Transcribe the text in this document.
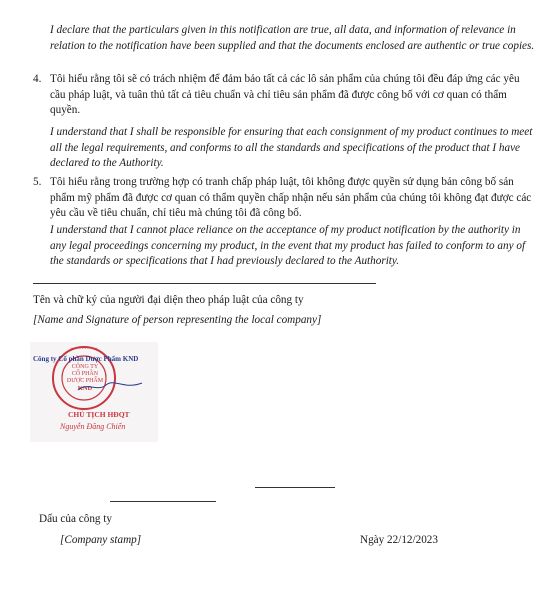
I declare that the particulars given in this notification are true, all data, and information of relevance in relation to the notification have been supplied and that the documents enclosed are authentic or true copies.
4. Tôi hiểu rằng tôi sẽ có trách nhiệm để đảm bảo tất cả các lô sản phẩm của chúng tôi đều đáp ứng các yêu cầu pháp luật, và tuân thủ tất cả tiêu chuẩn và chỉ tiêu sản phẩm đã được công bố với cơ quan có thẩm quyền.
I understand that I shall be responsible for ensuring that each consignment of my product continues to meet all the legal requirements, and conforms to all the standards and specifications of the product that I have declared to the Authority.
5. Tôi hiểu rằng trong trường hợp có tranh chấp pháp luật, tôi không được quyền sử dụng bản công bố sản phẩm mỹ phẩm đã được cơ quan có thẩm quyền chấp nhận nếu sản phẩm của chúng tôi không đạt được các yêu cầu về tiêu chuẩn, chỉ tiêu mà chúng tôi đã công bố.
I understand that I cannot place reliance on the acceptance of my product notification by the authority in any legal proceedings concerning my product, in the event that my product has failed to conform to any of the standards or specifications that I had previously declared to the Authority.
Tên và chữ ký của người đại diện theo pháp luật của công ty
[Name and Signature of person representing the local company]
* * * * * * * * * *
Công ty Cổ phần Dược Phẩm KND
CÔNG TY
CỔ PHẦN
DƯỢC PHẨM
KND
CHỦ TỊCH HĐQT
Nguyễn Đăng Chiến
Dấu của công ty
[Company stamp]	Ngày 22/12/2023
